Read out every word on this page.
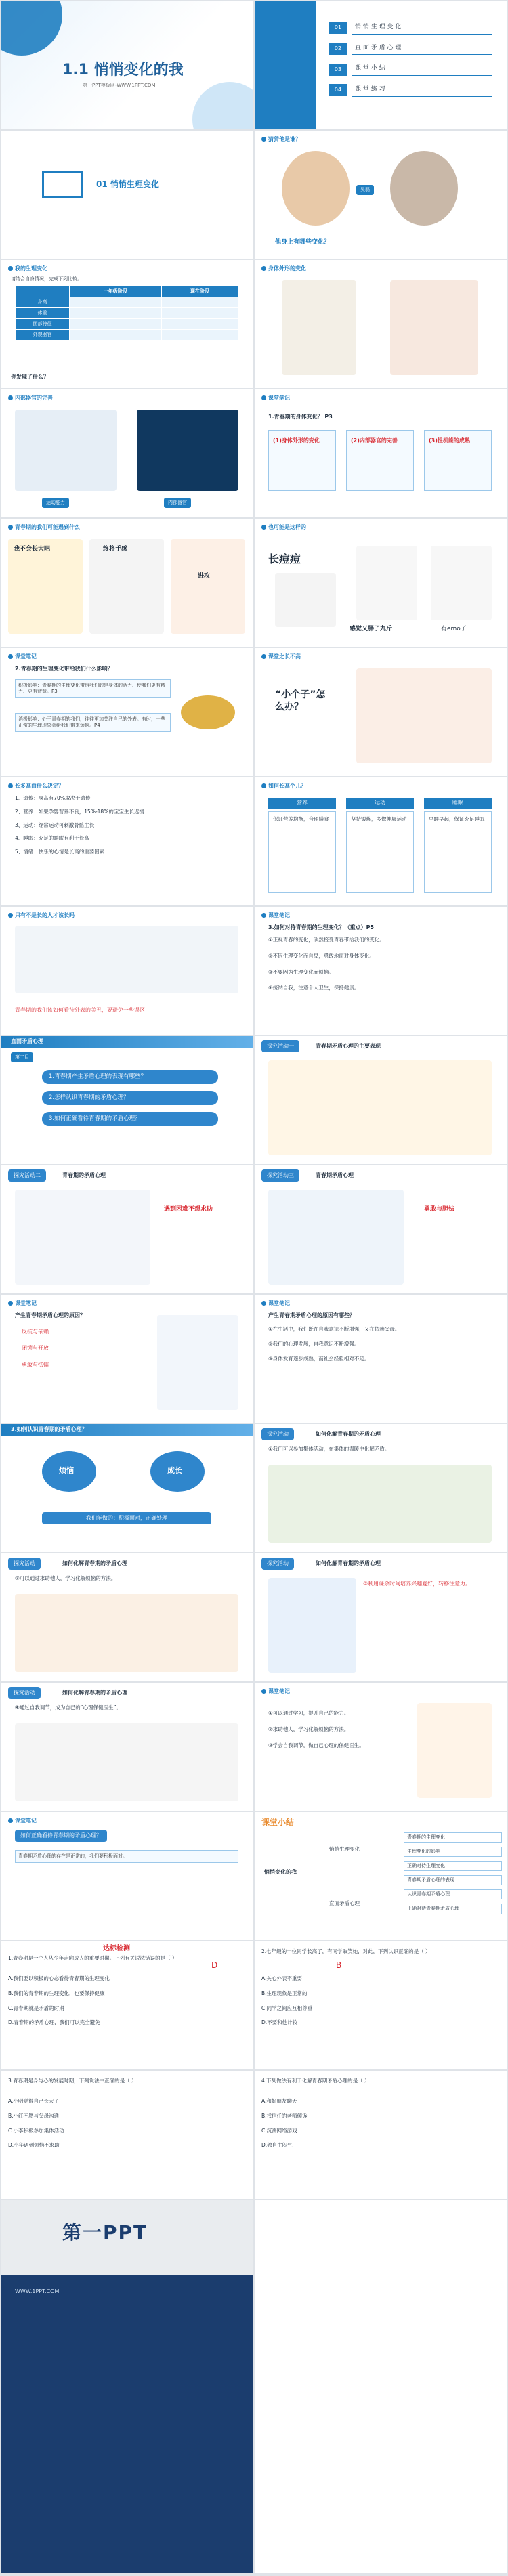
1.1 悄悄变化的我
第一PPT模板网-WWW.1PPT.COM
01	悄 悄 生 理 变 化
02	直 面 矛 盾 心 理
03	课 堂 小 结
04	课 堂 练 习
01 悄悄生理变化
猜猜他是谁？
吴磊
他身上有哪些变化？
我的生理变化
请结合自身情况，完成下列比较。
	一年级阶段	现在阶段
身高		
体重		
面部特征		
外貌器官		
你发现了什么？
身体外形的变化
内部器官的完善
运动能力	内部器官
课堂笔记
1.青春期的身体变化？ P3
(1)身体外形的变化	(2)内部器官的完善	(3)性机能的成熟
青春期的我们可能遇到什么
我不会长大吧	终将手感
进攻
也可能是这样的
长痘痘
感觉又胖了九斤	有emo了
课堂笔记
2.青春期的生理变化带给我们什么影响？
积极影响：青春期的生理变化带给我们的是身体的活力、使我们更有精力、更有智慧。P3
消极影响：处于青春期的我们，往往更加关注自己的外表。有时，一些正常的生理现象会给我们带来烦恼。P4
课堂之长不高
“小个子”怎么办？
长多高由什么决定？
1、遗传：身高有70%取决于遗传
2、营养：如果孕婴营养不良，15%-18%的宝宝生长迟缓
3、运动：经常运动可刺激骨骼生长
4、睡眠：充足的睡眠有利于长高
5、情绪：快乐的心情是长高的重要因素
如何长高个儿？
营养
保证营养均衡，合理膳食
运动
坚持锻炼，多做伸展运动
睡眠
早睡早起，保证充足睡眠
只有不是长的人才该长吗
青春期的我们该如何看待外表的美丑，要避免一些误区
课堂笔记
3.如何对待青春期的生理变化？（重点）P5
①正视青春的变化，欣然接受青春带给我们的变化。
②不因生理变化而自卑，勇敢地面对身体变化。
③不要因为生理变化而烦恼。
④接纳自我，注意个人卫生，保持健康。
直面矛盾心理
第二目
1.青春期产生矛盾心理的表现有哪些？
2.怎样认识青春期的矛盾心理？
3.如何正确看待青春期的矛盾心理？
探究活动一	青春期矛盾心理的主要表现
探究活动二	青春期的矛盾心理
遇到困难不想求助
探究活动三	青春期矛盾心理
勇敢与胆怯
课堂笔记
产生青春期矛盾心理的原因？
反抗与依赖
闭锁与开放
勇敢与怯懦
课堂笔记
产生青春期矛盾心理的原因有哪些？
①在生活中，我们既在自我意识不断增强，又在依赖父母。
②我们的心理发展，自我意识不断增强。
③身体发育逐步成熟，而社会经验相对不足。
3.如何认识青春期的矛盾心理？
烦恼	成长
我们能做的：积极面对，正确处理
探究活动	如何化解青春期的矛盾心理
①我们可以参加集体活动，在集体的温暖中化解矛盾。
探究活动	如何化解青春期的矛盾心理
②可以通过求助他人，学习化解烦恼的方法。
探究活动	如何化解青春期的矛盾心理
③利用课余时间培养兴趣爱好，转移注意力。
探究活动	如何化解青春期的矛盾心理
④通过自我调节，成为自己的“心理保健医生”。
课堂笔记
①可以通过学习，提升自己的能力。
②求助他人，学习化解烦恼的方法。
③学会自我调节，做自己心理的保健医生。
课堂笔记
如何正确看待青春期的矛盾心理？
青春期矛盾心理的存在是正常的，我们要积极面对。
课堂小结
悄悄变化的我
悄悄生理变化
直面矛盾心理
青春期的生理变化
生理变化的影响
正确对待生理变化
青春期矛盾心理的表现
认识青春期矛盾心理
正确对待青春期矛盾心理
达标检测
1.青春期是一个人从少年走向成人的重要时期。下列有关说法错误的是（ ）
D
A.我们要以积极的心态看待青春期的生理变化
B.我们的青春期的生理变化，也要保持健康
C.青春期就是矛盾的时期
D.青春期的矛盾心理，我们可以完全避免
2.七年级的一位同学长高了，有同学取笑她，对此，下列认识正确的是（ ）
B
A.关心外表不重要
B.生理现象是正常的
C.同学之间应互相尊重
D.不要和他计较
3.青春期是身与心的发展时期，下列说法中正确的是（ ）
A.小明觉得自己长大了
B.小红不愿与父母沟通
C.小李积极参加集体活动
D.小华遇到烦恼不求助
4.下列做法有利于化解青春期矛盾心理的是（ ）
A.和好朋友聊天
B.找信任的老师倾诉
C.沉溺网络游戏
D.独自生闷气
第一PPT
WWW.1PPT.COM
